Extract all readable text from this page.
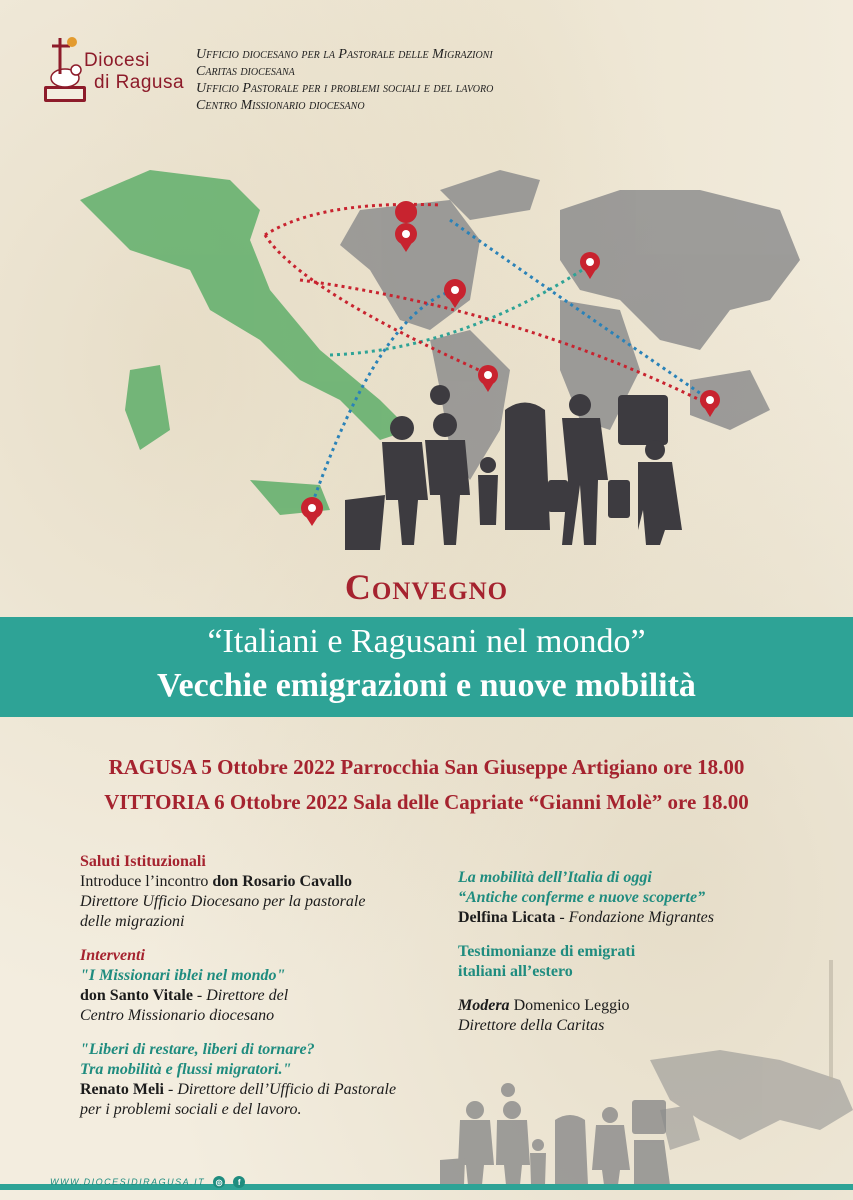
Diocesi
di Ragusa
Ufficio diocesano per la Pastorale delle Migrazioni
Caritas diocesana
Ufficio Pastorale per i problemi sociali e del lavoro
Centro Missionario diocesano
Convegno
“Italiani e Ragusani nel mondo”
Vecchie emigrazioni e nuove mobilità
RAGUSA 5 Ottobre 2022 Parrocchia San Giuseppe Artigiano ore 18.00
VITTORIA 6 Ottobre 2022 Sala delle Capriate “Gianni Molè” ore 18.00
Saluti Istituzionali
Introduce l’incontro don Rosario Cavallo
Direttore Ufficio Diocesano per la pastorale
delle migrazioni
Interventi
"I Missionari iblei nel mondo"
don Santo Vitale - Direttore del
Centro Missionario diocesano
"Liberi di restare, liberi di tornare?
Tra mobilità e flussi migratori."
Renato Meli - Direttore dell’Ufficio di Pastorale
per i problemi sociali e del lavoro.
La mobilità dell’Italia di oggi
“Antiche conferme e nuove scoperte”
Delfina Licata - Fondazione Migrantes
Testimonianze di emigrati
italiani all’estero
Modera Domenico Leggio
Direttore della Caritas
WWW.DIOCESIDIRAGUSA.IT	◎	f
